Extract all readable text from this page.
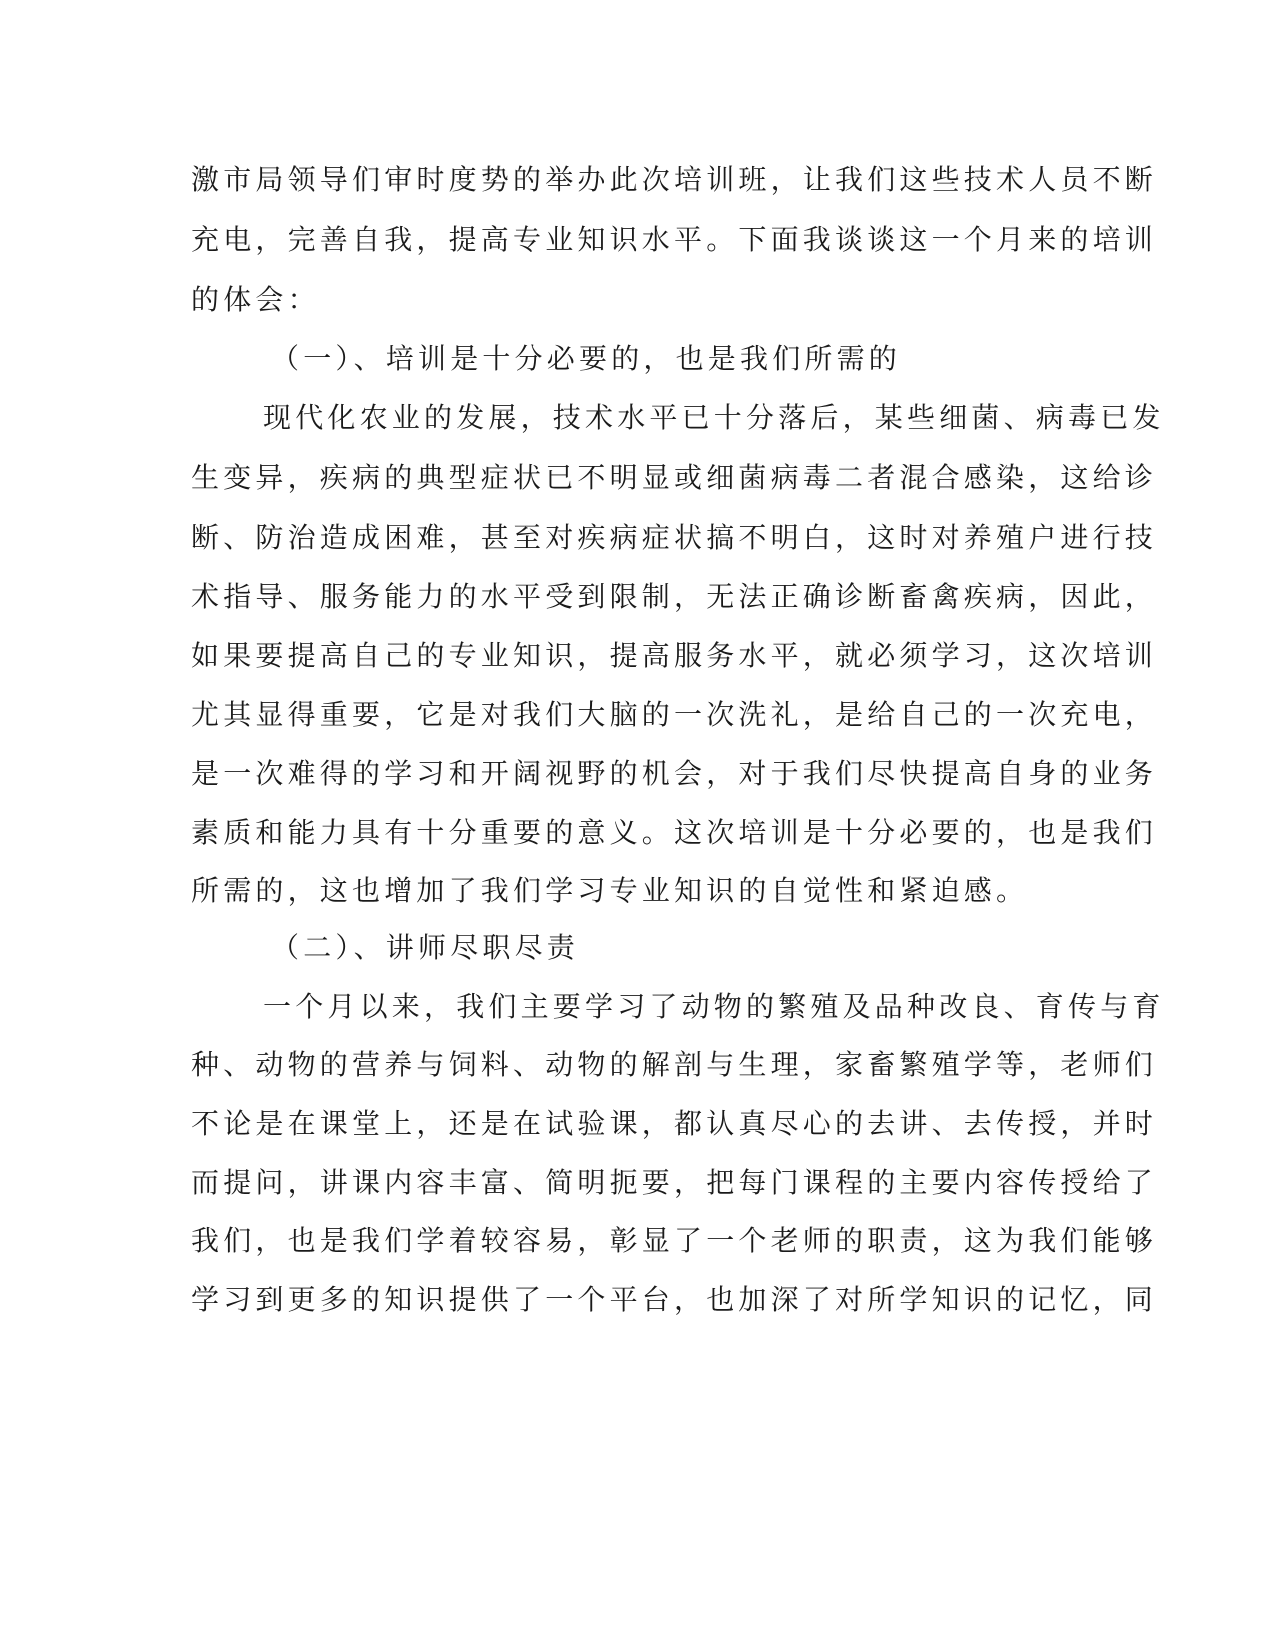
激市局领导们审时度势的举办此次培训班，让我们这些技术人员不断
充电，完善自我，提高专业知识水平。下面我谈谈这一个月来的培训
的体会：
（一）、培训是十分必要的，也是我们所需的
现代化农业的发展，技术水平已十分落后，某些细菌、病毒已发
生变异，疾病的典型症状已不明显或细菌病毒二者混合感染，这给诊
断、防治造成困难，甚至对疾病症状搞不明白，这时对养殖户进行技
术指导、服务能力的水平受到限制，无法正确诊断畜禽疾病，因此，
如果要提高自己的专业知识，提高服务水平，就必须学习，这次培训
尤其显得重要，它是对我们大脑的一次洗礼，是给自己的一次充电，
是一次难得的学习和开阔视野的机会，对于我们尽快提高自身的业务
素质和能力具有十分重要的意义。这次培训是十分必要的，也是我们
所需的，这也增加了我们学习专业知识的自觉性和紧迫感。
（二）、讲师尽职尽责
一个月以来，我们主要学习了动物的繁殖及品种改良、育传与育
种、动物的营养与饲料、动物的解剖与生理，家畜繁殖学等，老师们
不论是在课堂上，还是在试验课，都认真尽心的去讲、去传授，并时
而提问，讲课内容丰富、简明扼要，把每门课程的主要内容传授给了
我们，也是我们学着较容易，彰显了一个老师的职责，这为我们能够
学习到更多的知识提供了一个平台，也加深了对所学知识的记忆，同
